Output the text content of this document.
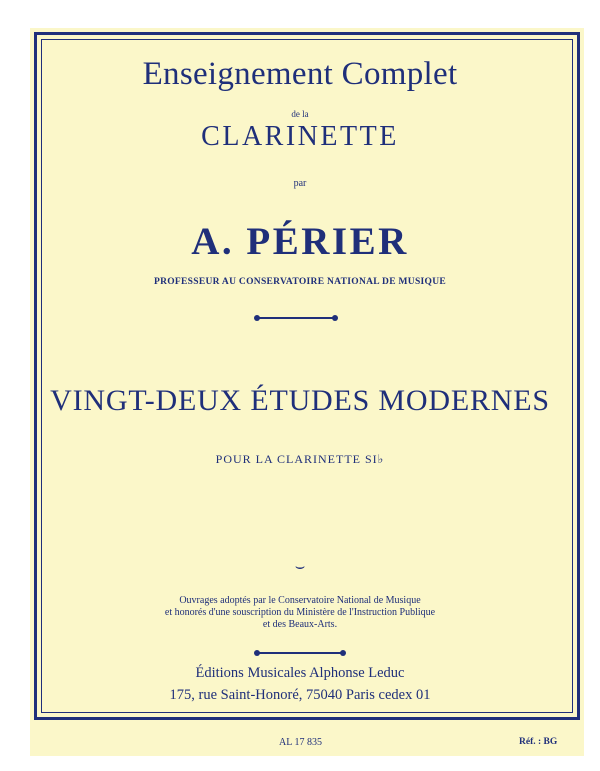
Enseignement Complet
de la
CLARINETTE
par
A. PÉRIER
PROFESSEUR AU CONSERVATOIRE NATIONAL DE MUSIQUE
VINGT-DEUX ÉTUDES MODERNES
POUR LA CLARINETTE SI♭
⌣
Ouvrages adoptés par le Conservatoire National de Musique
et honorés d'une souscription du Ministère de l'Instruction Publique
et des Beaux-Arts.
Éditions Musicales Alphonse Leduc
175, rue Saint-Honoré, 75040 Paris cedex 01
AL 17 835	Réf. : BG
